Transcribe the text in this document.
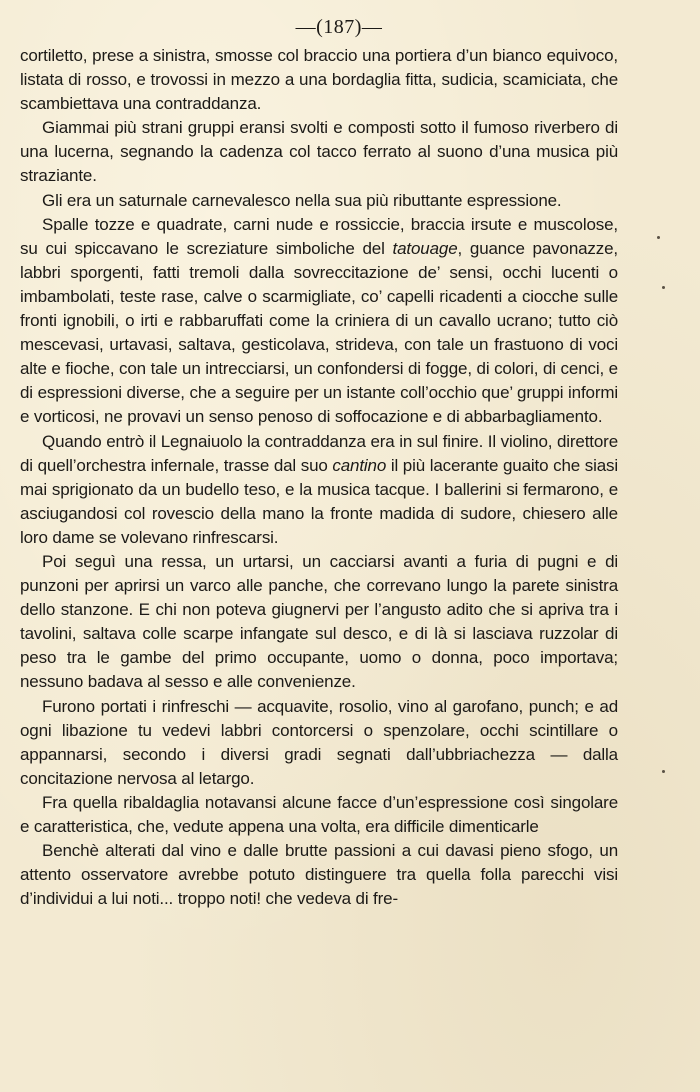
—(187)—

cortiletto, prese a sinistra, smosse col braccio una portiera d’un bianco equivoco, listata di rosso, e trovossi in mezzo a una bordaglia fitta, sudicia, scamiciata, che scambiettava una contraddanza.

Giammai più strani gruppi eransi svolti e composti sotto il fumoso riverbero di una lucerna, segnando la cadenza col tacco ferrato al suono d’una musica più straziante.

Gli era un saturnale carnevalesco nella sua più ributtante espressione.

Spalle tozze e quadrate, carni nude e rossiccie, braccia irsute e muscolose, su cui spiccavano le screziature simboliche del tatouage, guance pavonazze, labbri sporgenti, fatti tremoli dalla sovreccitazione de’ sensi, occhi lucenti o imbambolati, teste rase, calve o scarmigliate, co’ capelli ricadenti a ciocche sulle fronti ignobili, o irti e rabbaruffati come la criniera di un cavallo ucrano; tutto ciò mescevasi, urtavasi, saltava, gesticolava, strideva, con tale un frastuono di voci alte e fioche, con tale un intrecciarsi, un confondersi di fogge, di colori, di cenci, e di espressioni diverse, che a seguire per un istante coll’occhio que’ gruppi informi e vorticosi, ne provavi un senso penoso di soffocazione e di abbarbagliamento.

Quando entrò il Legnaiuolo la contraddanza era in sul finire. Il violino, direttore di quell’orchestra infernale, trasse dal suo cantino il più lacerante guaito che siasi mai sprigionato da un budello teso, e la musica tacque. I ballerini si fermarono, e asciugandosi col rovescio della mano la fronte madida di sudore, chiesero alle loro dame se volevano rinfrescarsi.

Poi seguì una ressa, un urtarsi, un cacciarsi avanti a furia di pugni e di punzoni per aprirsi un varco alle panche, che correvano lungo la parete sinistra dello stanzone. E chi non poteva giugnervi per l’angusto adito che si apriva tra i tavolini, saltava colle scarpe infangate sul desco, e di là si lasciava ruzzolar di peso tra le gambe del primo occupante, uomo o donna, poco importava; nessuno badava al sesso e alle convenienze.

Furono portati i rinfreschi — acquavite, rosolio, vino al garofano, punch; e ad ogni libazione tu vedevi labbri contorcersi o spenzolare, occhi scintillare o appannarsi, secondo i diversi gradi segnati dall’ubbriachezza — dalla concitazione nervosa al letargo.

Fra quella ribaldaglia notavansi alcune facce d’un’espressione così singolare e caratteristica, che, vedute appena una volta, era difficile dimenticarle

Benchè alterati dal vino e dalle brutte passioni a cui davasi pieno sfogo, un attento osservatore avrebbe potuto distinguere tra quella folla parecchi visi d’individui a lui noti... troppo noti! che vedeva di fre-
